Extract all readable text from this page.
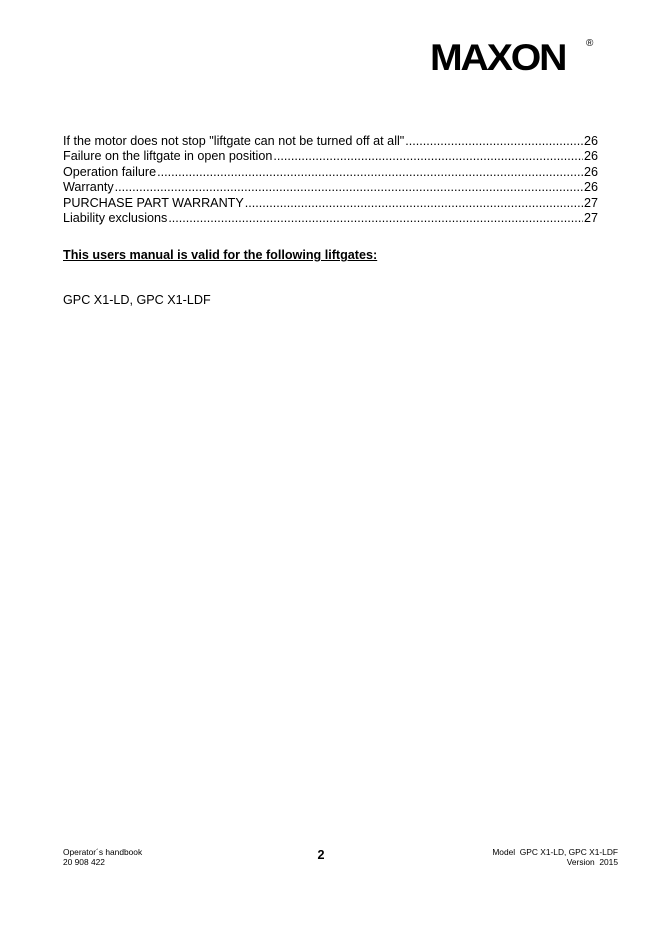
MAXON ®
If the motor does not stop "liftgate can not be turned off at all" .....	26
Failure on the liftgate in open position .....	26
Operation failure .....	26
Warranty .....	26
PURCHASE PART WARRANTY .....	27
Liability exclusions .....	27
This users manual is valid for the following liftgates:
GPC X1-LD, GPC X1-LDF
Operator´s handbook
20 908 422	2	Model  GPC X1-LD, GPC X1-LDF
Version  2015
